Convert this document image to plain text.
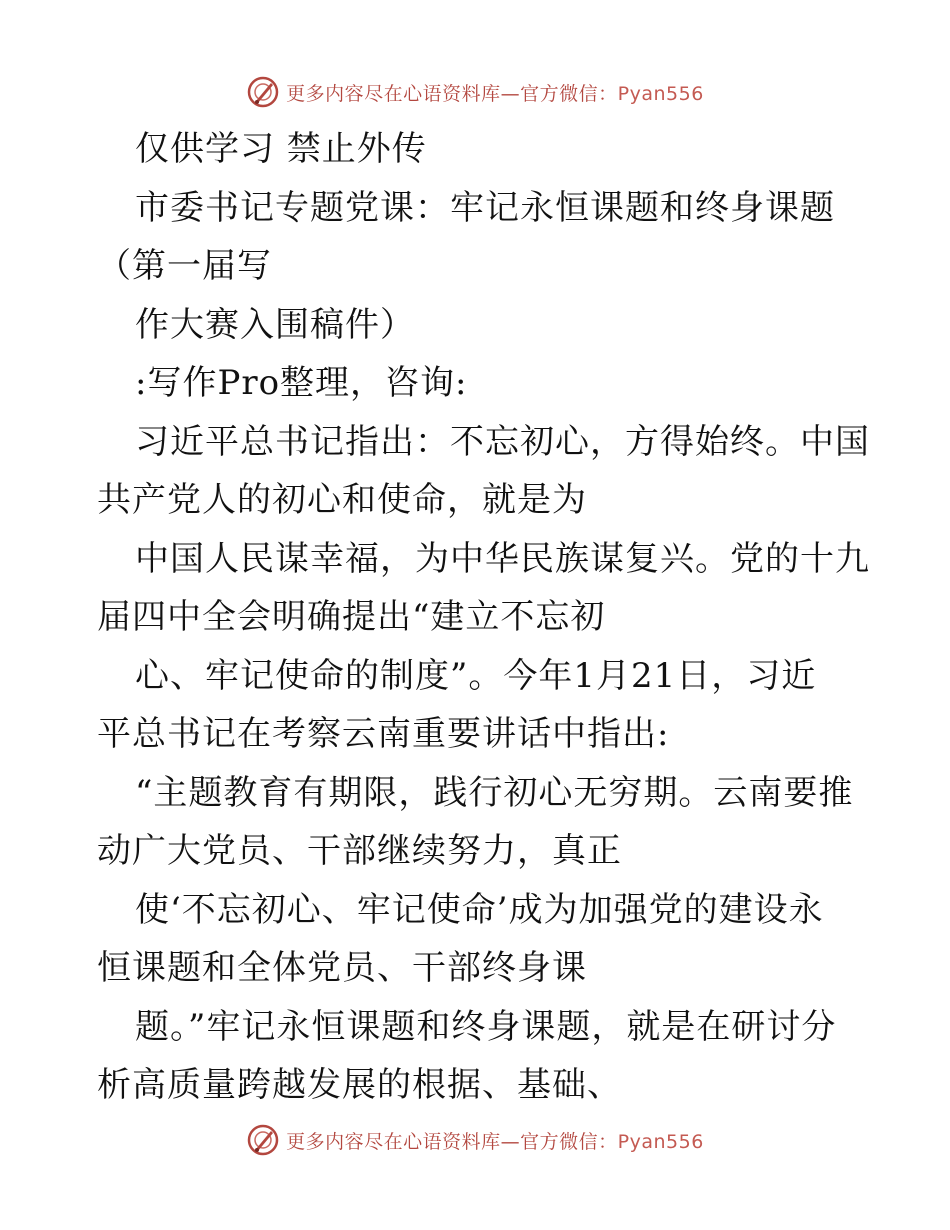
更多内容尽在心语资料库—官方微信：Pyan556
仅供学习 禁止外传
市委书记专题党课：牢记永恒课题和终身课题
（第一届写
作大赛入围稿件）
:写作Pro整理，咨询:
习近平总书记指出：不忘初心，方得始终。中国
共产党人的初心和使命，就是为
中国人民谋幸福，为中华民族谋复兴。党的十九
届四中全会明确提出“建立不忘初
心、牢记使命的制度”。今年1月21日，习近
平总书记在考察云南重要讲话中指出:
“主题教育有期限，践行初心无穷期。云南要推
动广大党员、干部继续努力，真正
使‘不忘初心、牢记使命’成为加强党的建设永
恒课题和全体党员、干部终身课
题。”牢记永恒课题和终身课题，就是在研讨分
析高质量跨越发展的根据、基础、
更多内容尽在心语资料库—官方微信：Pyan556
